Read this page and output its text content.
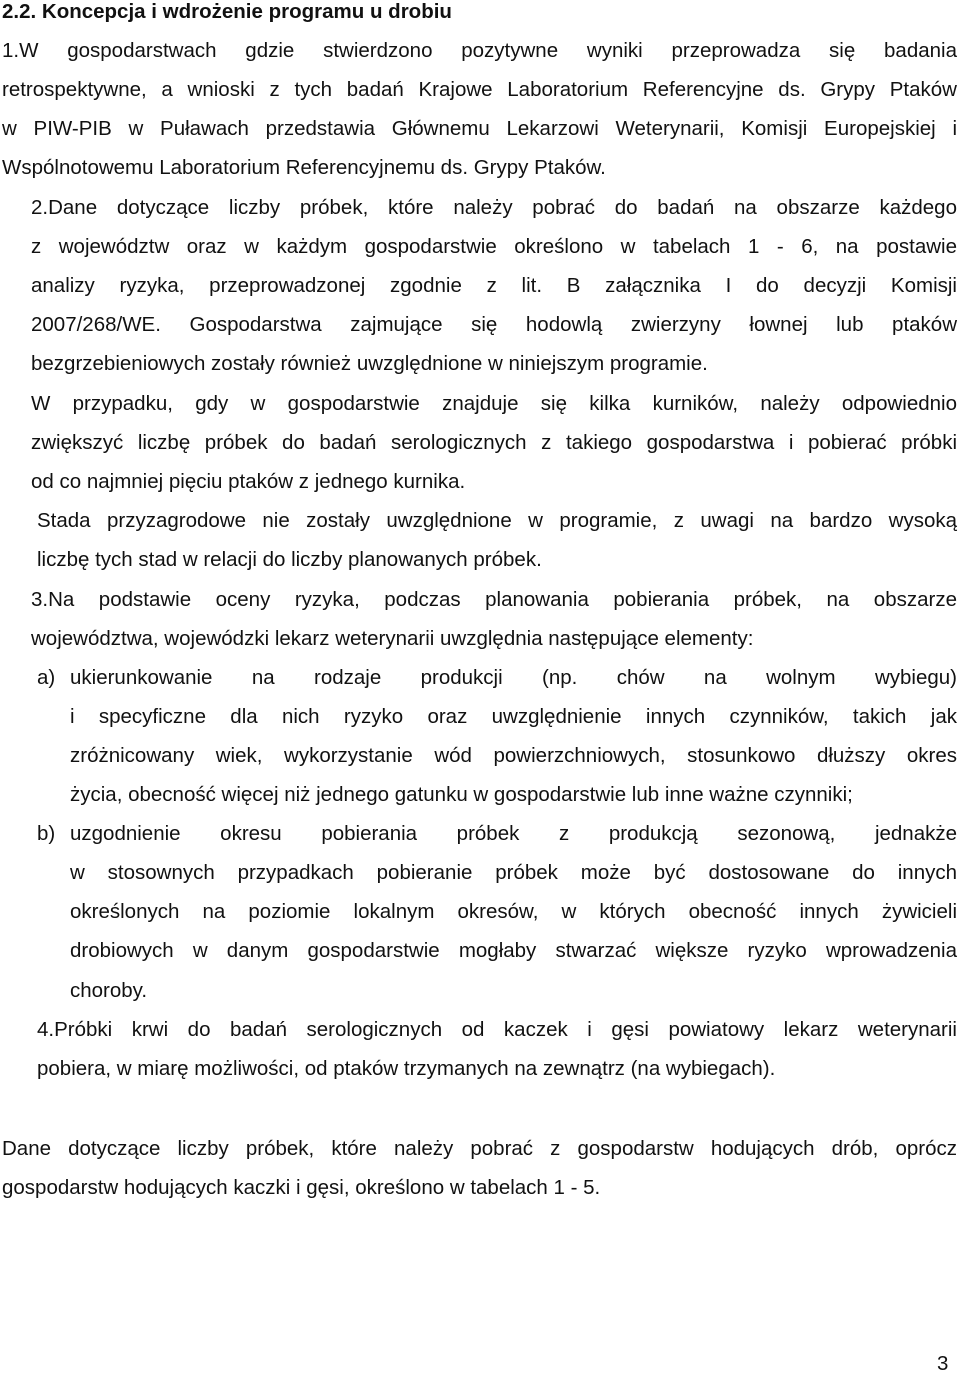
2.2. Koncepcja i wdrożenie programu u drobiu
1.W gospodarstwach gdzie stwierdzono pozytywne wyniki przeprowadza się badania
retrospektywne, a wnioski z tych badań Krajowe Laboratorium Referencyjne ds. Grypy Ptaków
w PIW-PIB w Puławach przedstawia Głównemu Lekarzowi Weterynarii, Komisji Europejskiej i
Wspólnotowemu Laboratorium Referencyjnemu ds. Grypy Ptaków.
2.Dane dotyczące liczby próbek, które należy pobrać do badań na obszarze każdego
z województw oraz w każdym gospodarstwie określono w tabelach 1 - 6, na postawie
analizy ryzyka, przeprowadzonej zgodnie z lit. B załącznika I do decyzji Komisji
2007/268/WE. Gospodarstwa zajmujące się hodowlą zwierzyny łownej lub ptaków
bezgrzebieniowych zostały również uwzględnione w niniejszym programie.
W przypadku, gdy w gospodarstwie znajduje się kilka kurników, należy odpowiednio
zwiększyć liczbę próbek do badań serologicznych z takiego gospodarstwa i pobierać próbki
od co najmniej pięciu ptaków z jednego kurnika.
Stada przyzagrodowe nie zostały uwzględnione w programie, z uwagi na bardzo wysoką
liczbę tych stad w relacji do liczby planowanych próbek.
3.Na podstawie oceny ryzyka, podczas planowania pobierania próbek, na obszarze
województwa, wojewódzki lekarz weterynarii uwzględnia następujące elementy:
a) ukierunkowanie na rodzaje produkcji (np. chów na wolnym wybiegu)
i specyficzne dla nich ryzyko oraz uwzględnienie innych czynników, takich jak
zróżnicowany wiek, wykorzystanie wód powierzchniowych, stosunkowo dłuższy okres
życia, obecność więcej niż jednego gatunku w gospodarstwie lub inne ważne czynniki;
b) uzgodnienie okresu pobierania próbek z produkcją sezonową, jednakże
w stosownych przypadkach pobieranie próbek może być dostosowane do innych
określonych na poziomie lokalnym okresów, w których obecność innych żywicieli
drobiowych w danym gospodarstwie mogłaby stwarzać większe ryzyko wprowadzenia
choroby.
4.Próbki krwi do badań serologicznych od kaczek i gęsi powiatowy lekarz weterynarii
pobiera, w miarę możliwości, od ptaków trzymanych na zewnątrz (na wybiegach).
Dane dotyczące liczby próbek, które należy pobrać z gospodarstw hodujących drób, oprócz
gospodarstw hodujących kaczki i gęsi, określono w tabelach 1 - 5.
3
